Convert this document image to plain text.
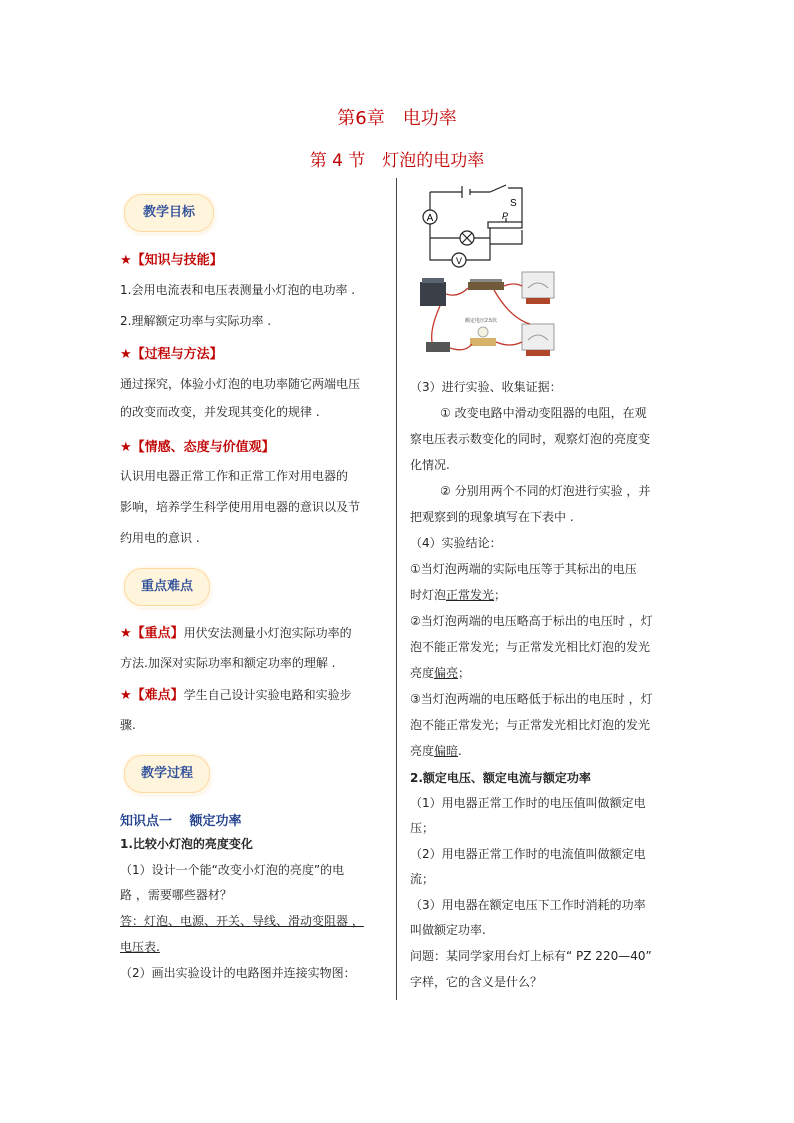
第6章　电功率
第 4 节　灯泡的电功率
教学目标
★【知识与技能】
1.会用电流表和电压表测量小灯泡的电功率 .
2.理解额定功率与实际功率 .
★【过程与方法】
通过探究，体验小灯泡的电功率随它两端电压
的改变而改变，并发现其变化的规律 .
★【情感、态度与价值观】
认识用电器正常工作和正常工作对用电器的
影响，培养学生科学使用用电器的意识以及节
约用电的意识 .
重点难点
★【重点】用伏安法测量小灯泡实际功率的
方法.加深对实际功率和额定功率的理解 .
★【难点】学生自己设计实验电路和实验步
骤.
教学过程
知识点一　 额定功率
1.比较小灯泡的亮度变化
（1）设计一个能“改变小灯泡的亮度”的电
路 ，需要哪些器材？
答：灯泡、电源、开关、导线、滑动变阻器 ，
电压表.
（2）画出实验设计的电路图并连接实物图：
A
V
S
P
额定电压2.5伏
（3）进行实验、收集证据：
① 改变电路中滑动变阻器的电阻，在观
察电压表示数变化的同时，观察灯泡的亮度变
化情况.
② 分别用两个不同的灯泡进行实验 ，并
把观察到的现象填写在下表中 .
（4）实验结论：
①当灯泡两端的实际电压等于其标出的电压
时灯泡正常发光；
②当灯泡两端的电压略高于标出的电压时 ，灯
泡不能正常发光；与正常发光相比灯泡的发光
亮度偏亮；
③当灯泡两端的电压略低于标出的电压时 ，灯
泡不能正常发光；与正常发光相比灯泡的发光
亮度偏暗.
2.额定电压、额定电流与额定功率
（1）用电器正常工作时的电压值叫做额定电
压；
（2）用电器正常工作时的电流值叫做额定电
流；
（3）用电器在额定电压下工作时消耗的功率
叫做额定功率.
问题：某同学家用台灯上标有“ PZ 220—40”
字样，它的含义是什么？
